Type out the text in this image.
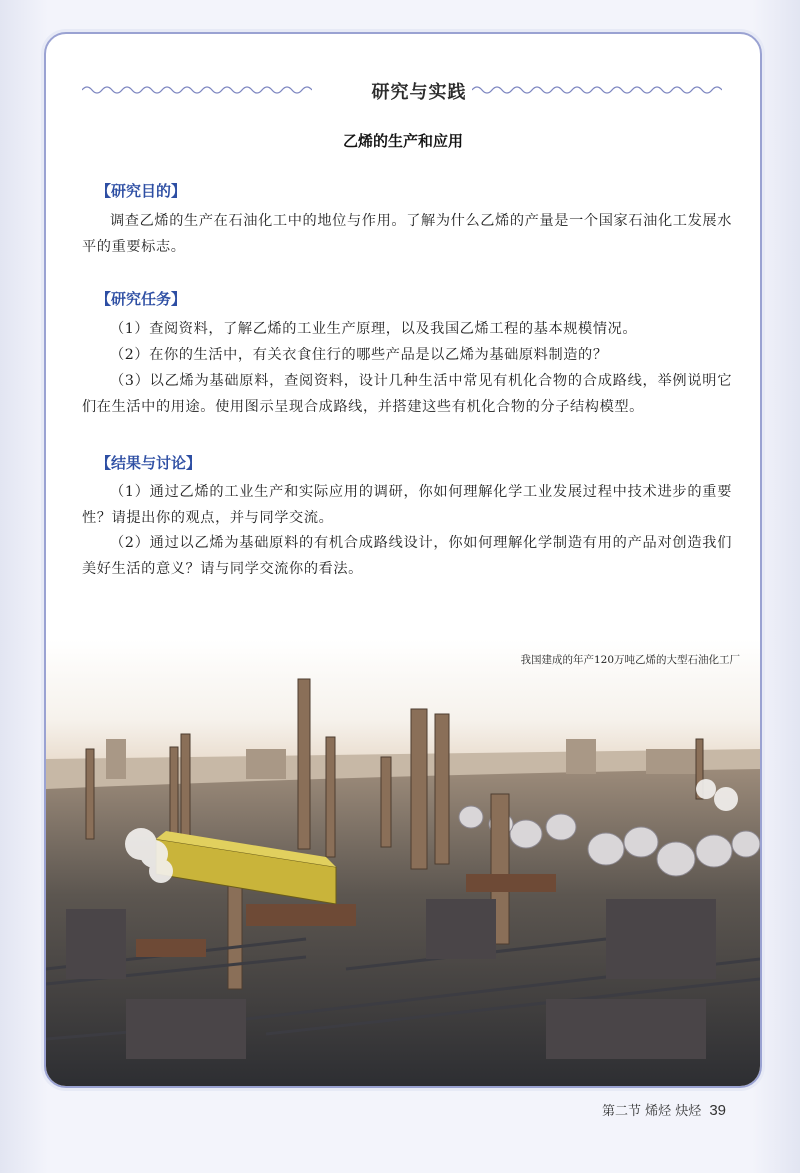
研究与实践
乙烯的生产和应用
【研究目的】
调查乙烯的生产在石油化工中的地位与作用。了解为什么乙烯的产量是一个国家石油化工发展水平的重要标志。
【研究任务】
（1）查阅资料，了解乙烯的工业生产原理，以及我国乙烯工程的基本规模情况。
（2）在你的生活中，有关衣食住行的哪些产品是以乙烯为基础原料制造的？
（3）以乙烯为基础原料，查阅资料，设计几种生活中常见有机化合物的合成路线，举例说明它们在生活中的用途。使用图示呈现合成路线，并搭建这些有机化合物的分子结构模型。
【结果与讨论】
（1）通过乙烯的工业生产和实际应用的调研，你如何理解化学工业发展过程中技术进步的重要性？请提出你的观点，并与同学交流。
（2）通过以乙烯为基础原料的有机合成路线设计，你如何理解化学制造有用的产品对创造我们美好生活的意义？请与同学交流你的看法。
我国建成的年产120万吨乙烯的大型石油化工厂
第二节 烯烃 炔烃 39
